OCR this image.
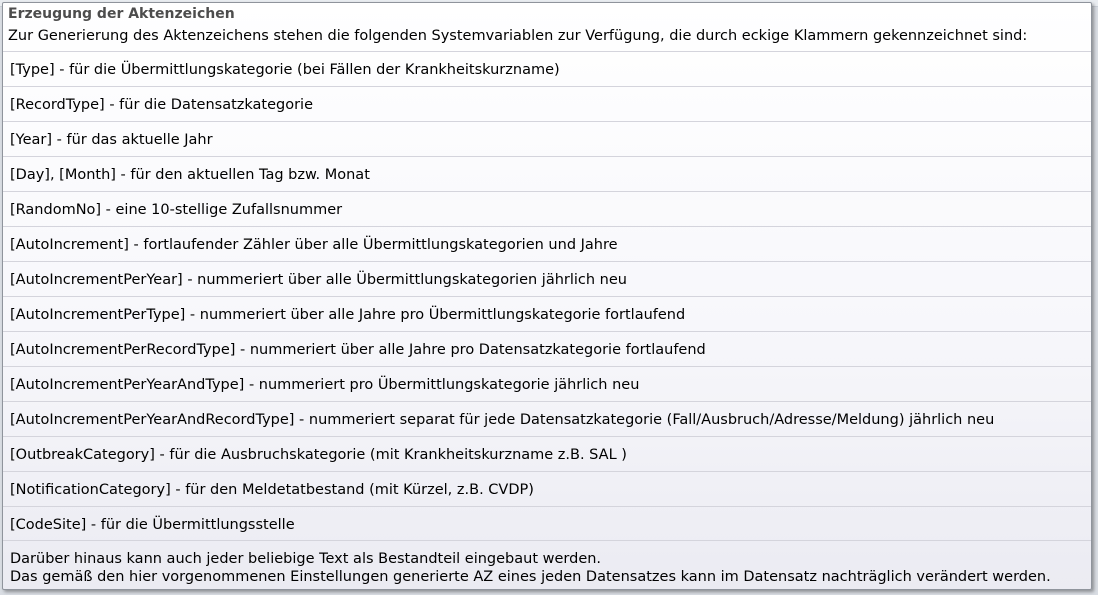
Erzeugung der Aktenzeichen
Zur Generierung des Aktenzeichens stehen die folgenden Systemvariablen zur Verfügung, die durch eckige Klammern gekennzeichnet sind:
[Type] - für die Übermittlungskategorie (bei Fällen der Krankheitskurzname)
[RecordType] - für die Datensatzkategorie
[Year] - für das aktuelle Jahr
[Day], [Month] - für den aktuellen Tag bzw. Monat
[RandomNo] - eine 10-stellige Zufallsnummer
[AutoIncrement] - fortlaufender Zähler über alle Übermittlungskategorien und Jahre
[AutoIncrementPerYear] - nummeriert über alle Übermittlungskategorien jährlich neu
[AutoIncrementPerType] - nummeriert über alle Jahre pro Übermittlungskategorie fortlaufend
[AutoIncrementPerRecordType] - nummeriert über alle Jahre pro Datensatzkategorie fortlaufend
[AutoIncrementPerYearAndType] - nummeriert pro Übermittlungskategorie jährlich neu
[AutoIncrementPerYearAndRecordType] - nummeriert separat für jede Datensatzkategorie (Fall/Ausbruch/Adresse/Meldung) jährlich neu
[OutbreakCategory] - für die Ausbruchskategorie (mit Krankheitskurzname z.B. SAL )
[NotificationCategory] - für den Meldetatbestand (mit Kürzel, z.B. CVDP)
[CodeSite] - für die Übermittlungsstelle
Darüber hinaus kann auch jeder beliebige Text als Bestandteil eingebaut werden.
Das gemäß den hier vorgenommenen Einstellungen generierte AZ eines jeden Datensatzes kann im Datensatz nachträglich verändert werden.
